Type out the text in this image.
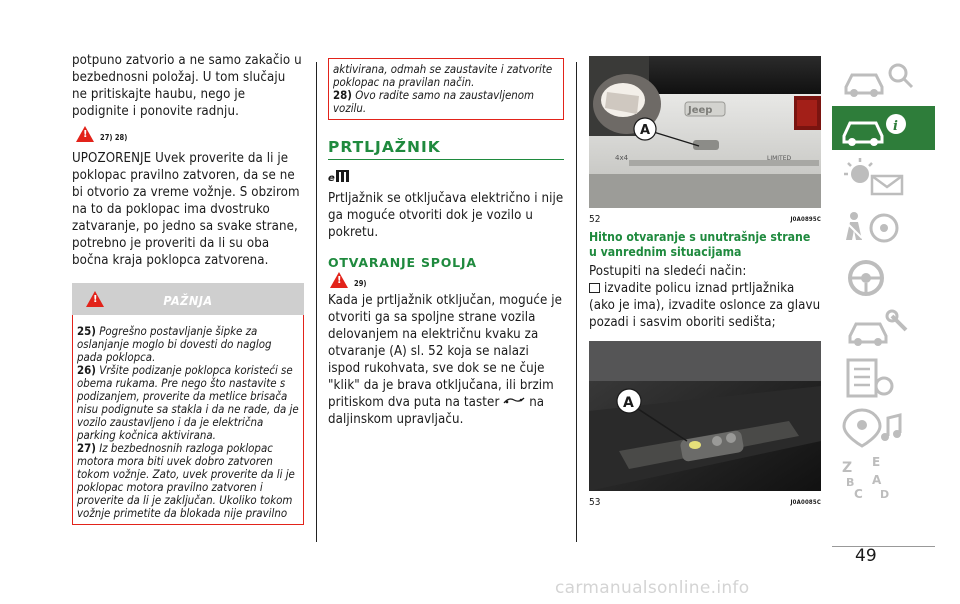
potpuno zatvorio a ne samo zakačio u bezbednosni položaj. U tom slučaju ne pritiskajte haubu, nego je podignite i ponovite radnju.

!
27) 28)

UPOZORENJE Uvek proverite da li je poklopac pravilno zatvoren, da se ne bi otvorio za vreme vožnje. S obzirom na to da poklopac ima dvostruko zatvaranje, po jedno sa svake strane, potrebno je proveriti da li su oba bočna kraja poklopca zatvorena.

!
PAŽNJA

25) Pogrešno postavljanje šipke za oslanjanje moglo bi dovesti do naglog pada poklopca.

26) Vršite podizanje poklopca koristeći se obema rukama. Pre nego što nastavite s podizanjem, proverite da metlice brisača nisu podignute sa stakla i da ne rade, da je vozilo zaustavljeno i da je električna parking kočnica aktivirana.

27) Iz bezbednosnih razloga poklopac motora mora biti uvek dobro zatvoren tokom vožnje. Zato, uvek proverite da li je poklopac motora pravilno zatvoren i proverite da li je zaključan. Ukoliko tokom vožnje primetite da blokada nije pravilno

aktivirana, odmah se zaustavite i zatvorite poklopac na pravilan način.

28) Ovo radite samo na zaustavljenom vozilu.

PRTLJAŽNIK
e

Prtljažnik se otključava električno i nije ga moguće otvoriti dok je vozilo u pokretu.

OTVARANJE SPOLJA
!
29)

Kada je prtljažnik otključan, moguće je otvoriti ga sa spoljne strane vozila delovanjem na električnu kvaku za otvaranje (A) sl. 52 koja se nalazi ispod rukohvata, sve dok se ne čuje "klik" da je brava otključana, ili brzim pritiskom dva puta na taster na daljinskom upravljaču.

Jeep
4x4	LIMITED
A
52	J0A0895C
Hitno otvaranje s unutrašnje strane u vanrednim situacijama

Postupiti na sledeći način:

izvadite policu iznad prtljažnika (ako je ima), izvadite oslonce za glavu pozadi i sasvim oboriti sedišta;

A
53	J0A0085C
i
Z E
B A
C D
49
carmanualsonline.info
